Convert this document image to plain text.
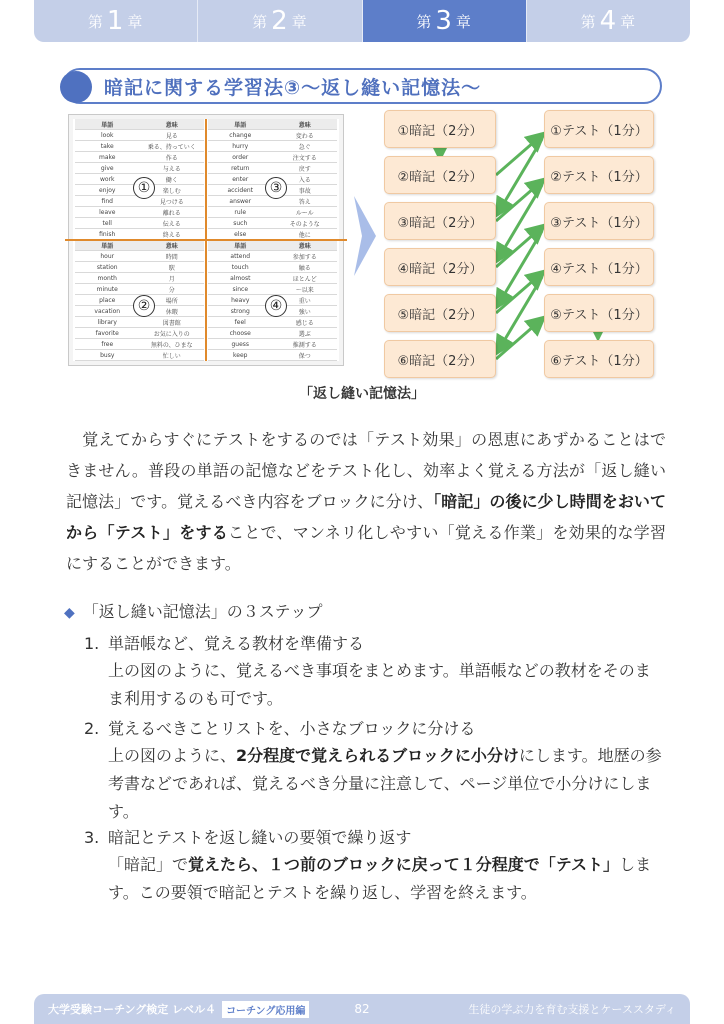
第 1 章	第 2 章	第 3 章	第 4 章
暗記に関する学習法③〜返し縫い記憶法〜
単語	意味
look	見る
take	乗る、持っていく
make	作る
give	与える
work	働く
enjoy	楽しむ
find	見つける
leave	離れる
tell	伝える
finish	終える
単語	意味
change	変わる
hurry	急ぐ
order	注文する
return	戻す
enter	入る
accident	事故
answer	答え
rule	ルール
such	そのような
else	他に
単語	意味
hour	時間
station	駅
month	月
minute	分
place	場所
vacation	休暇
library	図書館
favorite	お気に入りの
free	無料の、ひまな
busy	忙しい
単語	意味
attend	参加する
touch	触る
almost	ほとんど
since	〜以来
heavy	重い
strong	強い
feel	感じる
choose	選ぶ
guess	推測する
keep	保つ
①	③
②	④
①暗記（2分）
②暗記（2分）
③暗記（2分）
④暗記（2分）
⑤暗記（2分）
⑥暗記（2分）
①テスト（1分）
②テスト（1分）
③テスト（1分）
④テスト（1分）
⑤テスト（1分）
⑥テスト（1分）
「返し縫い記憶法」
　覚えてからすぐにテストをするのでは「テスト効果」の恩恵にあずかることはできません。普段の単語の記憶などをテスト化し、効率よく覚える方法が「返し縫い記憶法」です。覚えるべき内容をブロックに分け、「暗記」の後に少し時間をおいてから「テスト」をすることで、マンネリ化しやすい「覚える作業」を効果的な学習にすることができます。
◆ 「返し縫い記憶法」の３ステップ
1. 単語帳など、覚える教材を準備する
上の図のように、覚えるべき事項をまとめます。単語帳などの教材をそのまま利用するのも可です。
2. 覚えるべきことリストを、小さなブロックに分ける
上の図のように、2分程度で覚えられるブロックに小分けにします。地歴の参考書などであれば、覚えるべき分量に注意して、ページ単位で小分けにします。
3. 暗記とテストを返し縫いの要領で繰り返す
「暗記」で覚えたら、１つ前のブロックに戻って１分程度で「テスト」します。この要領で暗記とテストを繰り返し、学習を終えます。
大学受験コーチング検定 レベル４	コーチング応用編	82	生徒の学ぶ力を育む支援とケーススタディ
